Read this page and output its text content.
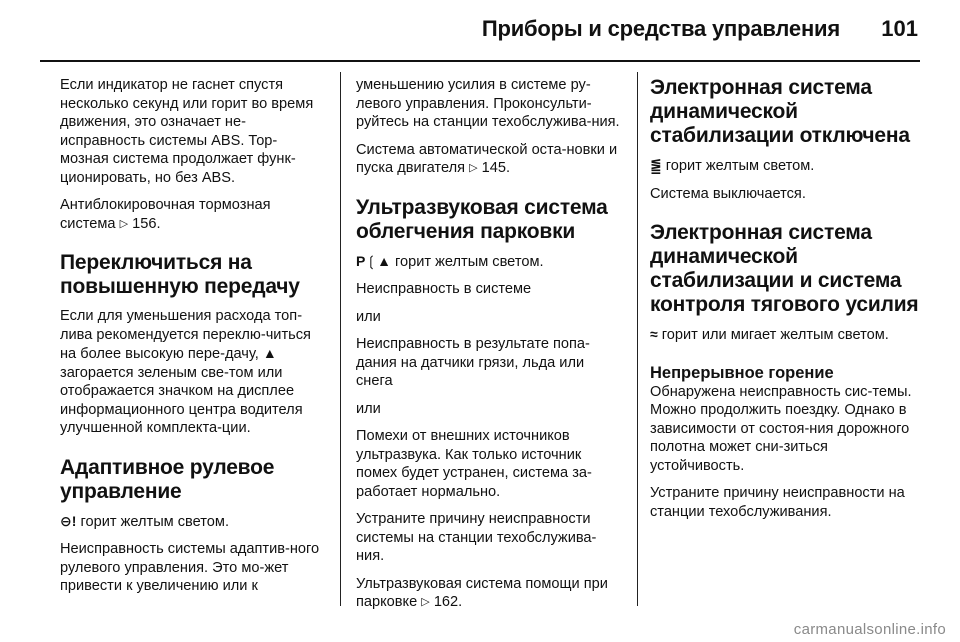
Приборы и средства управления 101

Если индикатор не гаснет спустя несколько секунд или горит во время движения, это означает не-исправность системы ABS. Тор-мозная система продолжает функ-ционировать, но без ABS.

Антиблокировочная тормозная система ▷ 156.

Переключиться на повышенную передачу

Если для уменьшения расхода топ-лива рекомендуется переклю-читься на более высокую пере-дачу, ▲ загорается зеленым све-том или отображается значком на дисплее информационного центра водителя улучшенной комплекта-ции.

Адаптивное рулевое управление

⊖! горит желтым светом.

Неисправность системы адаптив-ного рулевого управления. Это мо-жет привести к увеличению или к

уменьшению усилия в системе ру-левого управления. Проконсульти-руйтесь на станции техобслужива-ния.

Система автоматической оста-новки и пуска двигателя ▷ 145.

Ультразвуковая система облегчения парковки

P❲▲ горит желтым светом.

Неисправность в системе

или

Неисправность в результате попа-дания на датчики грязи, льда или снега

или

Помехи от внешних источников ультразвука. Как только источник помех будет устранен, система за-работает нормально.

Устраните причину неисправности системы на станции техобслужива-ния.

Ультразвуковая система помощи при парковке ▷ 162.

Электронная система динамической стабилизации отключена

⪑ горит желтым светом.

Система выключается.

Электронная система динамической стабилизации и система контроля тягового усилия

≈ горит или мигает желтым светом.

Непрерывное горение

Обнаружена неисправность сис-темы. Можно продолжить поездку. Однако в зависимости от состоя-ния дорожного полотна может сни-зиться устойчивость.

Устраните причину неисправности на станции техобслуживания.

carmanualsonline.info
